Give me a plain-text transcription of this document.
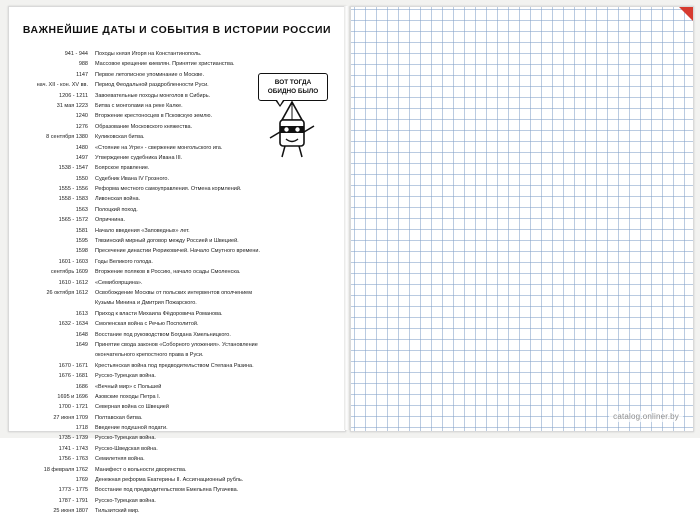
ВАЖНЕЙШИЕ ДАТЫ И СОБЫТИЯ В ИСТОРИИ РОССИИ
941 - 944	Походы князя Игоря на Константинополь.
988	Массовое крещение киевлян. Принятие христианства.
1147	Первое летописное упоминание о Москве.
нач. XII - кон. XV вв.	Период Феодальной раздробленности Руси.
1206 - 1211	Завоевательные походы монголов в Сибирь.
31 мая 1223	Битва с монголами на реке Калке.
1240	Вторжение крестоносцев в Псковскую землю.
1276	Образование Московского княжества.
8 сентября 1380	Куликовская битва.
1480	«Стояние на Угре» - свержение монгольского ига.
1497	Утверждение судебника Ивана III.
1538 - 1547	Боярское правление.
1550	Судебник Ивана IV Грозного.
1555 - 1556	Реформа местного самоуправления. Отмена кормлений.
1558 - 1583	Ливонская война.
1563	Полоцкий поход.
1565 - 1572	Опричнина.
1581	Начало введения «Заповедных» лет.
1595	Тявзинский мирный договор между Россией и Швецией.
1598	Пресечение династии Рюриковичей. Начало Смутного времени.
1601 - 1603	Годы Великого голода.
сентябрь 1609	Вторжение поляков в Россию, начало осады Смоленска.
1610 - 1612	«Семибоярщина».
26 октября 1612	Освобождение Москвы от польских интервентов ополчением
Кузьмы Минина и Дмитрия Пожарского.
1613	Приход к власти Михаила Фёдоровича Романова.
1632 - 1634	Смоленская война с Речью Посполитой.
1648	Восстание под руководством Богдана Хмельницкого.
1649	Принятие свода законов «Соборного уложения». Установление
окончательного крепостного права в Руси.
1670 - 1671	Крестьянская война под предводительством Степана Разина.
1676 - 1681	Русско-Турецкая война.
1686	«Вечный мир» с Польшей
1695 и 1696	Азовские походы Петра I.
1700 - 1721	Северная война со Швецией
27 июня 1709	Полтавская битва.
1718	Введение подушной подати.
1735 - 1739	Русско-Турецкая война.
1741 - 1743	Русско-Шведская война.
1756 - 1763	Семилетняя война.
18 февраля 1762	Манифест о вольности дворянства.
1769	Денежная реформа Екатерины II. Ассигнационный рубль.
1773 - 1775	Восстание под предводительством Емельяна Пугачева.
1787 - 1791	Русско-Турецкая война.
25 июня 1807	Тильзитский мир.
ВОТ ТОГДА
ОБИДНО БЫЛО
catalog.onliner.by
